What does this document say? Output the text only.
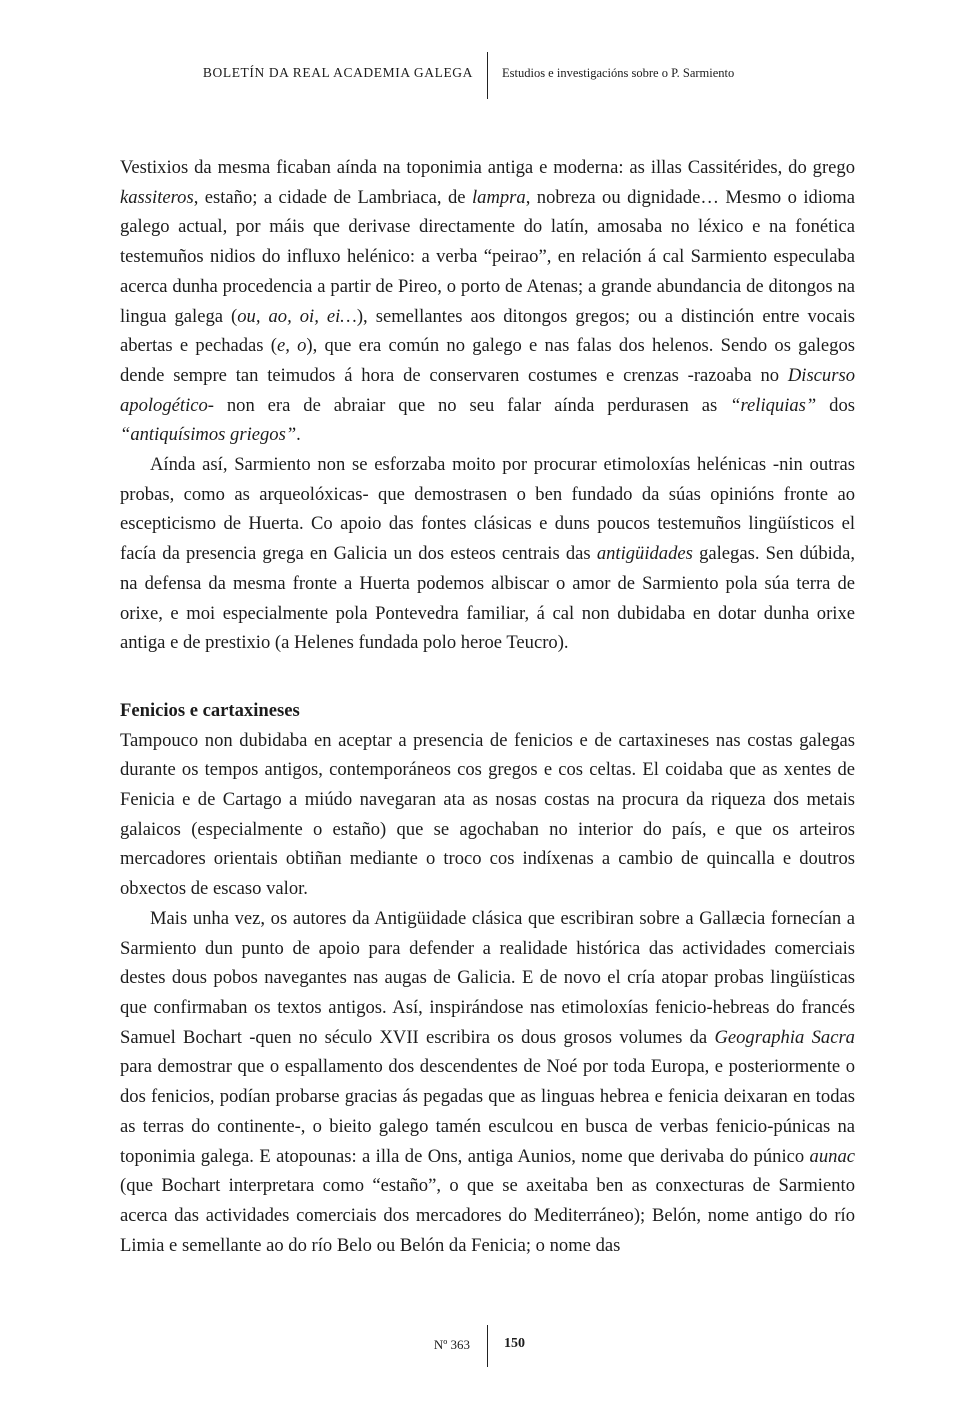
BOLETÍN DA REAL ACADEMIA GALEGA Estudios e investigacións sobre o P. Sarmiento

Vestixios da mesma ficaban aínda na toponimia antiga e moderna: as illas Cassitérides, do grego kassiteros, estaño; a cidade de Lambriaca, de lampra, nobreza ou dignidade… Mesmo o idioma galego actual, por máis que derivase directamente do latín, amosaba no léxico e na fonética testemuños nidios do influxo helénico: a verba “peirao”, en relación á cal Sarmiento especulaba acerca dunha procedencia a partir de Pireo, o porto de Atenas; a grande abundancia de ditongos na lingua galega (ou, ao, oi, ei…), semellantes aos ditongos gregos; ou a distinción entre vocais abertas e pechadas (e, o), que era común no galego e nas falas dos helenos. Sendo os galegos dende sempre tan teimudos á hora de conservaren costumes e crenzas -razoaba no Discurso apologético- non era de abraiar que no seu falar aínda perdurasen as “reliquias” dos “antiquísimos griegos”.

Aínda así, Sarmiento non se esforzaba moito por procurar etimoloxías helénicas -nin outras probas, como as arqueolóxicas- que demostrasen o ben fundado da súas opinións fronte ao escepticismo de Huerta. Co apoio das fontes clásicas e duns poucos testemuños lingüísticos el facía da presencia grega en Galicia un dos esteos centrais das antigüidades galegas. Sen dúbida, na defensa da mesma fronte a Huerta podemos albiscar o amor de Sarmiento pola súa terra de orixe, e moi especialmente pola Pontevedra familiar, á cal non dubidaba en dotar dunha orixe antiga e de prestixio (a Helenes fundada polo heroe Teucro).

Fenicios e cartaxineses

Tampouco non dubidaba en aceptar a presencia de fenicios e de cartaxineses nas costas galegas durante os tempos antigos, contemporáneos cos gregos e cos celtas. El coidaba que as xentes de Fenicia e de Cartago a miúdo navegaran ata as nosas costas na procura da riqueza dos metais galaicos (especialmente o estaño) que se agochaban no interior do país, e que os arteiros mercadores orientais obtiñan mediante o troco cos indíxenas a cambio de quincalla e doutros obxectos de escaso valor.

Mais unha vez, os autores da Antigüidade clásica que escribiran sobre a Gallæcia fornecían a Sarmiento dun punto de apoio para defender a realidade histórica das actividades comerciais destes dous pobos navegantes nas augas de Galicia. E de novo el cría atopar probas lingüísticas que confirmaban os textos antigos. Así, inspirándose nas etimoloxías fenicio-hebreas do francés Samuel Bochart -quen no século XVII escribira os dous grosos volumes da Geographia Sacra para demostrar que o espallamento dos descendentes de Noé por toda Europa, e posteriormente o dos fenicios, podían probarse gracias ás pegadas que as linguas hebrea e fenicia deixaran en todas as terras do continente-, o bieito galego tamén esculcou en busca de verbas fenicio-púnicas na toponimia galega. E atopounas: a illa de Ons, antiga Aunios, nome que derivaba do púnico aunac (que Bochart interpretara como “estaño”, o que se axeitaba ben as conxecturas de Sarmiento acerca das actividades comerciais dos mercadores do Mediterráneo); Belón, nome antigo do río Limia e semellante ao do río Belo ou Belón da Fenicia; o nome das

Nº 363 150
